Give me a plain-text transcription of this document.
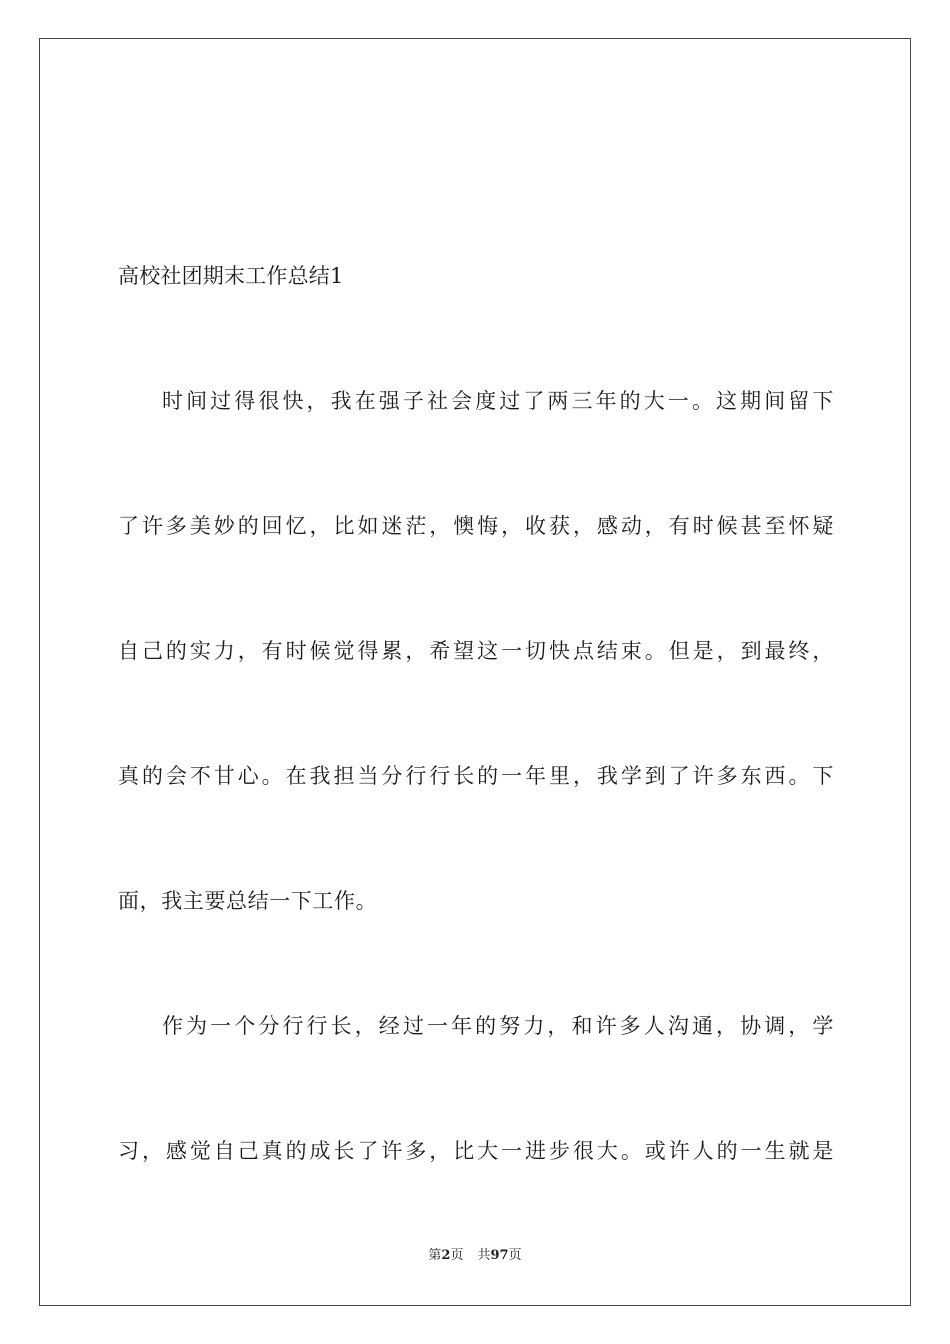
高校社团期末工作总结1
时间过得很快，我在强子社会度过了两三年的大一。这期间留下
了许多美妙的回忆，比如迷茫，懊悔，收获，感动，有时候甚至怀疑
自己的实力，有时候觉得累，希望这一切快点结束。但是，到最终，
真的会不甘心。在我担当分行行长的一年里，我学到了许多东西。下
面，我主要总结一下工作。
作为一个分行行长，经过一年的努力，和许多人沟通，协调，学
习，感觉自己真的成长了许多，比大一进步很大。或许人的一生就是
第2页 共97页
